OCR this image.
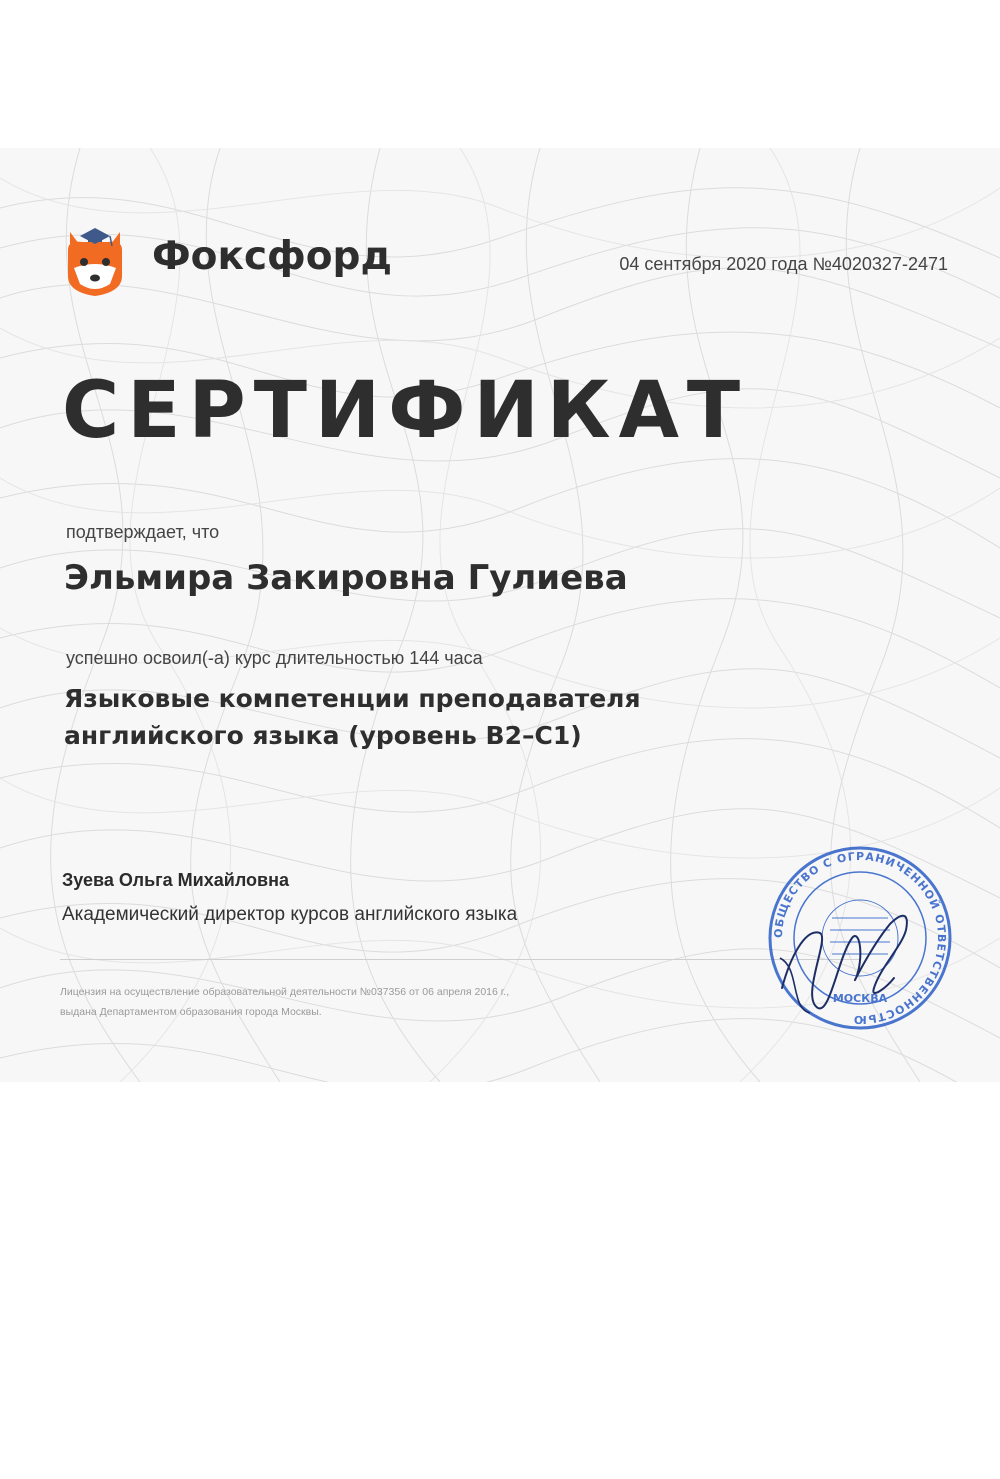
Фоксфорд	04 сентября 2020 года №4020327-2471
СЕРТИФИКАТ
подтверждает, что
Эльмира Закировна Гулиева
успешно освоил(-а) курс длительностью 144 часа
Языковые компетенции преподавателя
английского языка (уровень B2–C1)
Зуева Ольга Михайловна
Академический директор курсов английского языка
Лицензия на осуществление образовательной деятельности №037356 от 06 апреля 2016 г.,
выдана Департаментом образования города Москвы.
ОБЩЕСТВО С ОГРАНИЧЕННОЙ ОТВЕТСТВЕННОСТЬЮ
МОСКВА
